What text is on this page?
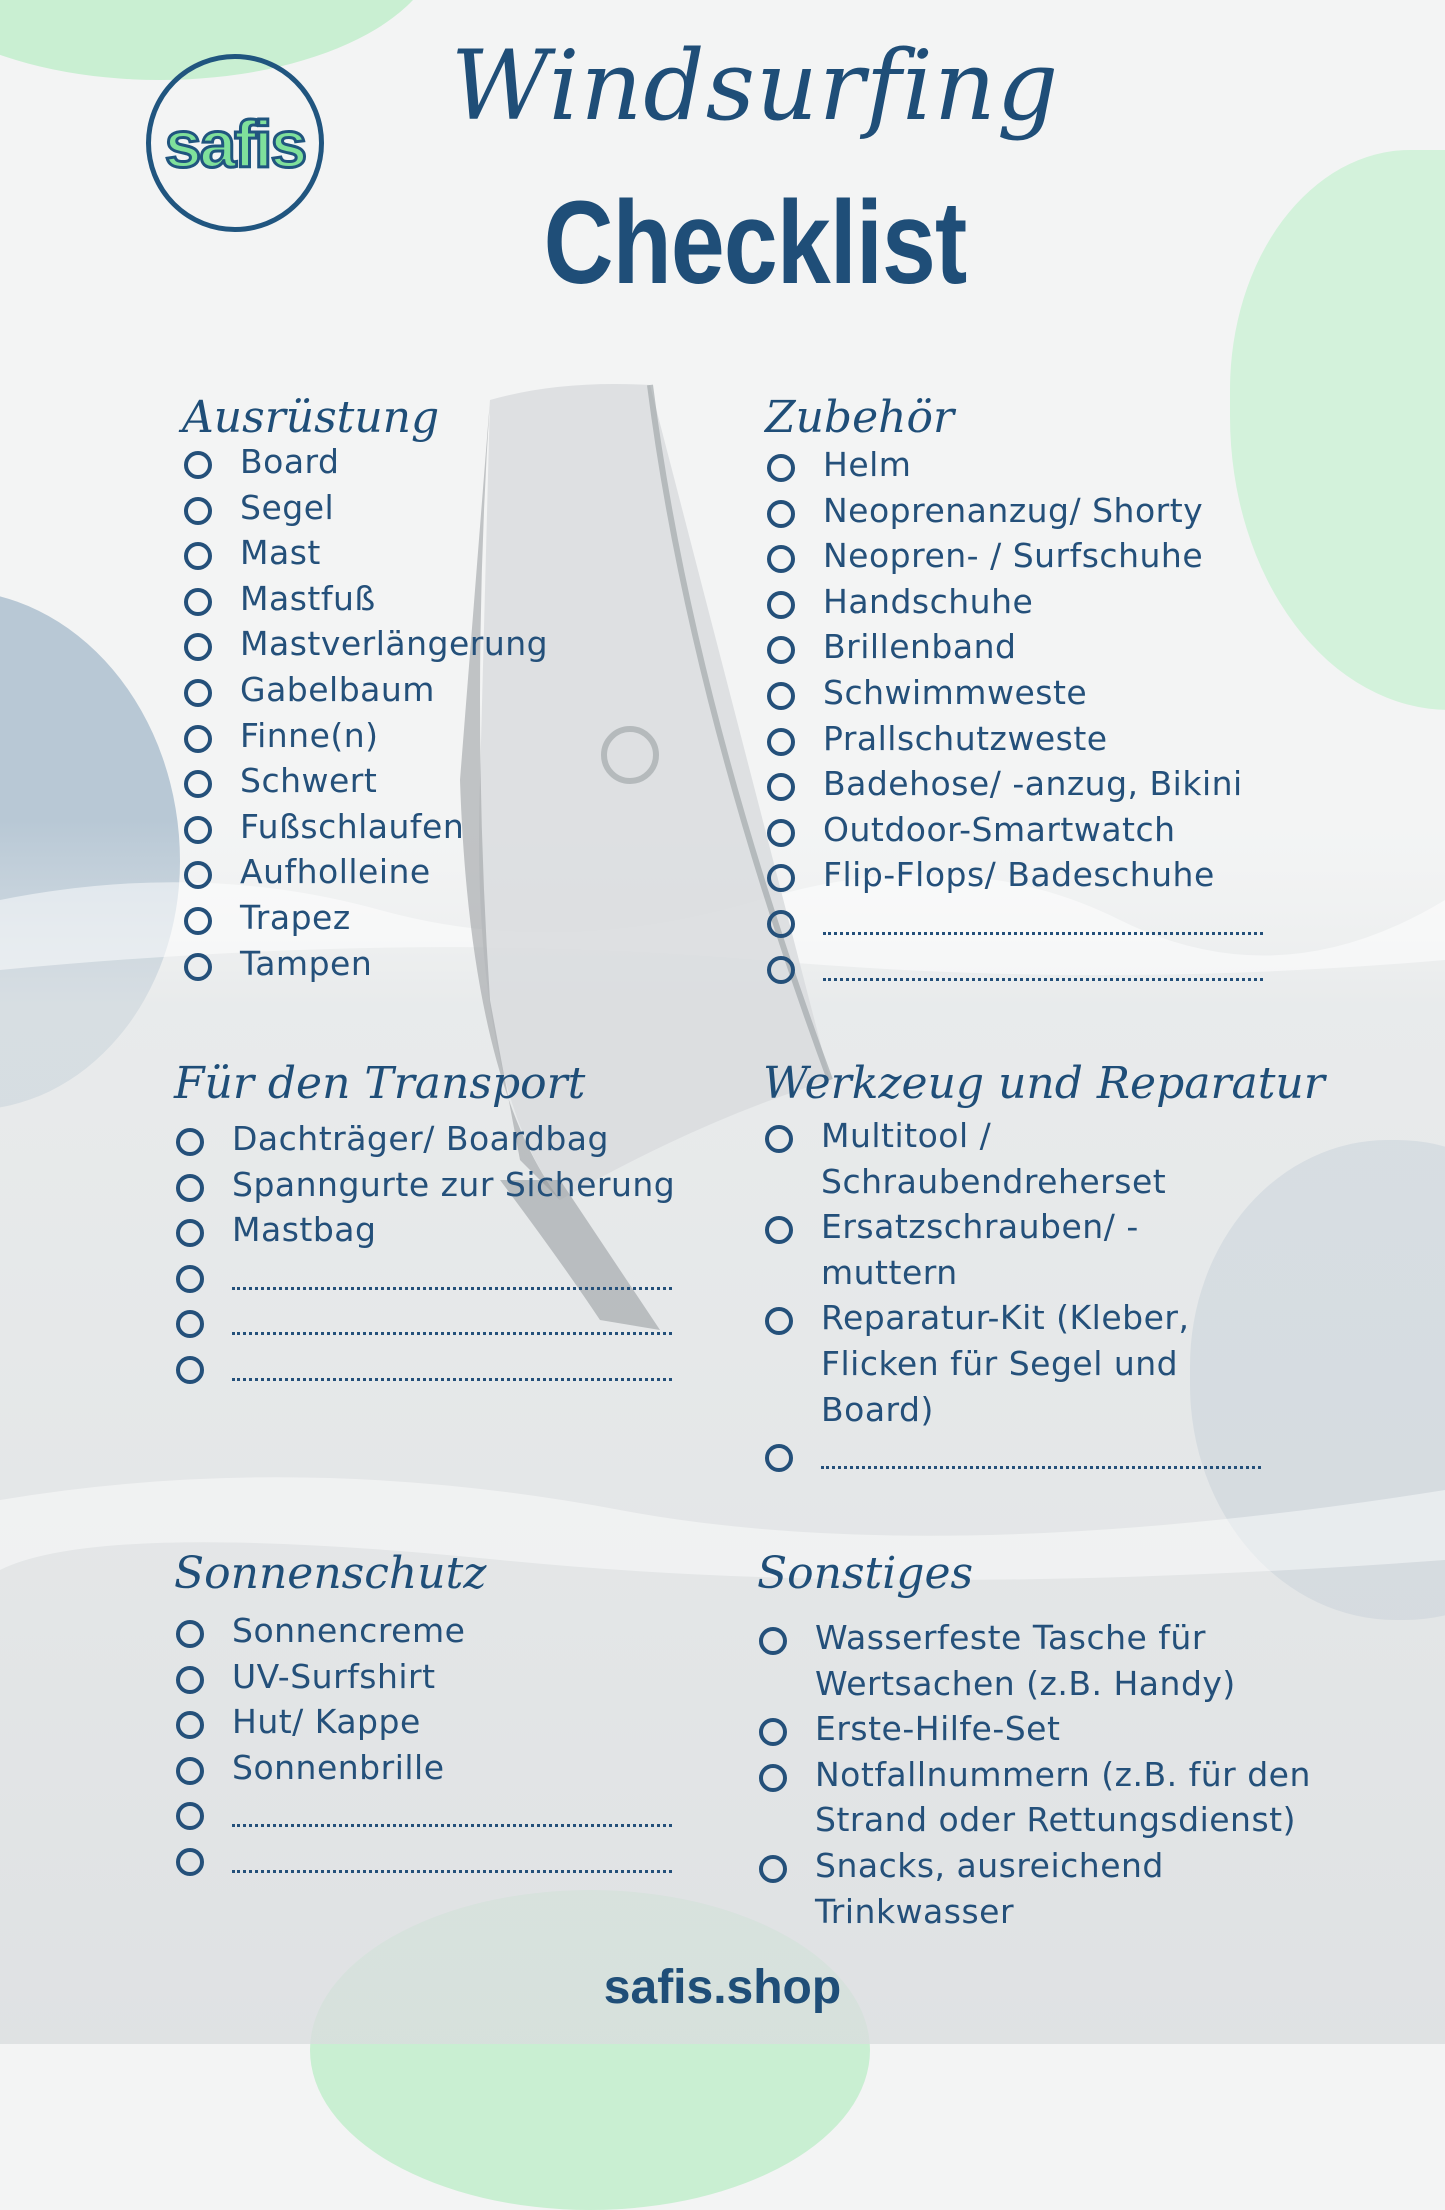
safis
Windsurfing
Checklist
Ausrüstung
Board
Segel
Mast
Mastfuß
Mastverlängerung
Gabelbaum
Finne(n)
Schwert
Fußschlaufen
Aufholleine
Trapez
Tampen
Zubehör
Helm
Neoprenanzug/ Shorty
Neopren- / Surfschuhe
Handschuhe
Brillenband
Schwimmweste
Prallschutzweste
Badehose/ -anzug, Bikini
Outdoor-Smartwatch
Flip-Flops/ Badeschuhe
Für den Transport
Dachträger/ Boardbag
Spanngurte zur Sicherung
Mastbag
Werkzeug und Reparatur
Multitool / Schraubendreherset
Ersatzschrauben/ - muttern
Reparatur-Kit (Kleber, Flicken für Segel und Board)
Sonnenschutz
Sonnencreme
UV-Surfshirt
Hut/ Kappe
Sonnenbrille
Sonstiges
Wasserfeste Tasche für Wertsachen (z.B. Handy)
Erste-Hilfe-Set
Notfallnummern (z.B. für den Strand oder Rettungsdienst)
Snacks, ausreichend Trinkwasser
safis.shop
